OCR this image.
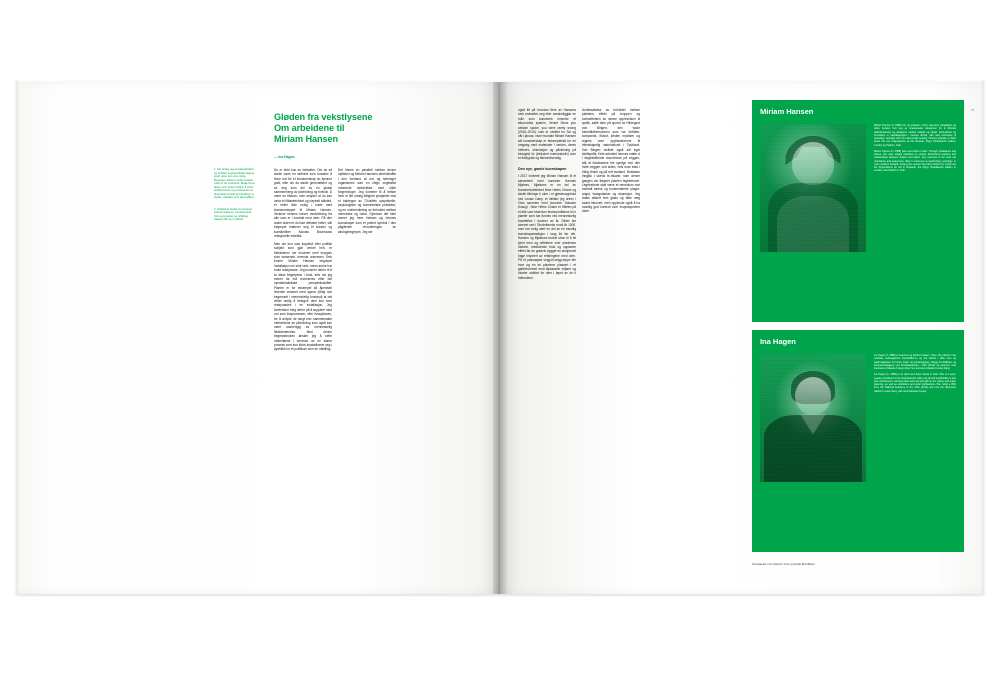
1. Her tenker jeg at teaterdirektør og forfatter Auguste Buale begrep spørt retter ken vare nyttig. Begrepet refererer til den todelte rollen til de involverte: Buale finner faster, som bytter mellom å være publikummere og produsenter av dramatisk innhold og handling i et stykke, inkludert som skuespillere.

2. Kollektivet består av kunstner Hannah Kjøsnes, kunstner Erla Kim og kunstner og urfolkige Saswon Øh og ni planter.

Gløden fra vekstlysene
Om arbeidene til
Miriam Hansen
— Ina Hagen

Du er eldri kun en betrakter. Om du så skulle være en skribent som forsøker å finne ord for et kunstnerskap du kjenner godt, eller om du skulle generalisere og se deg som del av en global sammenheng av påvirkning og forbruk. Å være en tilskuer, som antyder at du kan innta et tilbaketrukket og nøytralt ståsted, er heller ikke mulig i møte med kunstnerskapet til Miriam Hansen. Verkene hennes krever medvirkning fra alle som er i kontakt med dem. På den andre siden er du ikke deltaker heller, slik begrepet relaterer seg til kurator og kunstkritiker Nicolas Bourriauds relasjonelle estetikk.

Men om kun som kognitivt eller politisk subjekt som gjør verket helt, er betrakteren her involvert med kroppen som sansende, levende ortsvesen. Selv bruker Miriam Hansen begrepet installasjon om sine verk, mens andre har brukt readymade. Jeg kommer derfor til å ta disse begrepene i bruk, selv om jeg mener de må revurderes etter det nymaterialistiske perspektivskiftet. Planter er for eksempel så åpenbart levende vesener med agens (riktig nok begrenset i menneskelig forstand) at det virker urolig å betegne dem kun som readymades i en installasjon. Jeg foretrekker meg derfor på å supplere med ord som livsprosesser, eller livssyklusen, for å antyde de langt mer sammensatte nettverkene av påvirkning som også kan være uavhengig av menneskelig tilstedeværelse. Med denne begrepsbruken ønsker jeg å sette materialene i sentrum av en større prosess som kun tidvis krystalliserer seg i øyeblikk for et publikum som en utstilling.

Det finnes en parallell mellom denne optikken og Miriam Hansens arbeidsmåte i den forstand at ord og setninger organiseres som en elegx vegetativt voksende tankerekke med ulike forgreininger. Jeg kommer til å trekke frem et lite utvalg tidligere prosjekter mot et bakteppe av 70-tallets nysprituelle, psykologiske og kunstneriske praksiser, og en omformulering av forholdet mellom menneske og natur. Gjennom det hele mener jeg frem heksen og hennes kunnskaper som et potent symbol i den pågående revurderingen av økologibegrepet. Jeg ser

77

også litt på hvordan flere av Hansens verk motsetter seg eller vanskeliggjør en rolle som kunstverk innenfor et økonomisk system. Verket Since you seldom spoke, you were rarely wrong (2018–2019), som er utviklet for Sol og vår i januar, viser hvordan Miriam Hansen sitt kunstnerskap er eksemplarisk for en omgang med materialer i verden, deres nettverk, sirkulasjon og påvirkning på biologisk liv (inkludert menneskeliv) som er tidstypisk og fidenzekvendig.

Den nye, gamle kunnskapen

I 2017 inviterte jeg Miriam Hansen til et samarbeid med kunstner Hannah Mjølnes, Mjølsnes er en del av kunstnerkollektivet Nine Herbs Charm og skulle tilbringe ti uker i et gjestesopphold ved Louise Dany, et initiativ jeg driver i Oslo sammen med kunstner Daisuke Kosugi . Nine Herbs Charm er tittelen på et dikt som beskriver bruksområdene til ni planter som har funnes ved menneskelig bosettelse i tusener av år. Diktet ble skrevet ned i Storbritannia rundt år 1000, men har trolig vært en del av en muntlig kunnskapstradisjon i lang tid før det. Hansen og Mjølsnes brukte uken til å bli kjent med og reflektere over plantenes historie, medisinske bruk og oppløvde effekt før de gradvis bygget en skulpturell hage inspirert av erfaringene med dem. På et passasjant vegg-til-vegg-teppe ble hver og en av plantene plassert i et gallerirommet med tilpassede miljøer og ritueler utviklet for dem i løpet av de ti månedene.

Undersøkelse av forholdet mellom plantens effekt på kroppen og oversettelsen av denne opplevelsen til språk, satte dem på sporet av Hildegard von Bingen, den tyske benediktinernonnen som var forfatter, komponist, filosof, kristen mystiker og regnes som opphavskvinne til vitenskapelig naturhistorie i Tyskland. Von Bingen utviklet også sitt eget skriftspråk. Hele arbeidet hennes malte vi i fargeskiftende duochrome på veggen, slik at bokstavene ble synlige mot den hvite veggen ved siden, hvis man etad i riktig vinkel og på rett avstand. Bveløsen inngikk i ukens te-ritualer, som denne gangen var tilegnet planten legebetonie. Legebetonie skal være et remedium mot mentalt stress og hodenelaterte plager: angst, tvangstanker og depresjon. Jeg drakk sikkert fem glass og følte meg svært introvert, men opplevde også å ha uvanlig god kontroll over inspirasjonene mine.

Miriam Hansen

Miriam Hansen (f. 1988) bor og arbeider i Oslo. Gjennom installasjon og video beriører hun seg av israelsesatte situasjoner for å utforske adferdsmønstre og relasjoner mellom subjekt og objekt. Normativitet og bevissthet er naboflagrepper i hennes arbeid, ofte med referanser til psykologi, sosiologi eller mer økonomisk tenking. Hennes arbeider er blant annet vist ved Poppositions art fair, Brussel, Pippy Houldsworth Gallery, London og Podium, Oslo.

Miriam Hansen (b. 1988) lives and works in Oslo. Through installations and videos, she uses staged situations to explore behavioural patterns and relationships between subject and object. Key concepts in her work are normativity and awareness, often in reference to psychology, sociology, or more esoteric thought. Among the venues that have shown her works are the Poppositions art fair in Brussels, the Pippy Houldsworth Gallery in London, and Podium in Oslo.

Ina Hagen

Ina Hagen (f. 1989) er kunstner og skribent basert i Oslo. Hun skriver i det nordiske nettmagasinet kunstkritikk.no og har bidratt i ulike nett- og papirmagasiner for kunst, kultur og byplanlegging i tillegg til utstillings- og kunstnerutdragene ved Kunstakademiet i Oslo (2014) og sammen med kunstneren Daisuke Kosugi driver hun kunstner-initiativet Louise Dany.

Ina Hagen (b. 1989) is an artist and writer based in Oslo. She is a semi-regular contributor to the Scandinavian online art journal kunstkritikk.no and has contributed to various online and print journals for art, culture and urban planning, as well as exhibitions and artist publications. She holds a BFA from the National Academy of Art, Oslo (2014) and runs the discursive platform Louise Dany, with artist Daisuke Kosugi.

Kunstsamler / Art collector: Knut og Cecilie Brundtland
